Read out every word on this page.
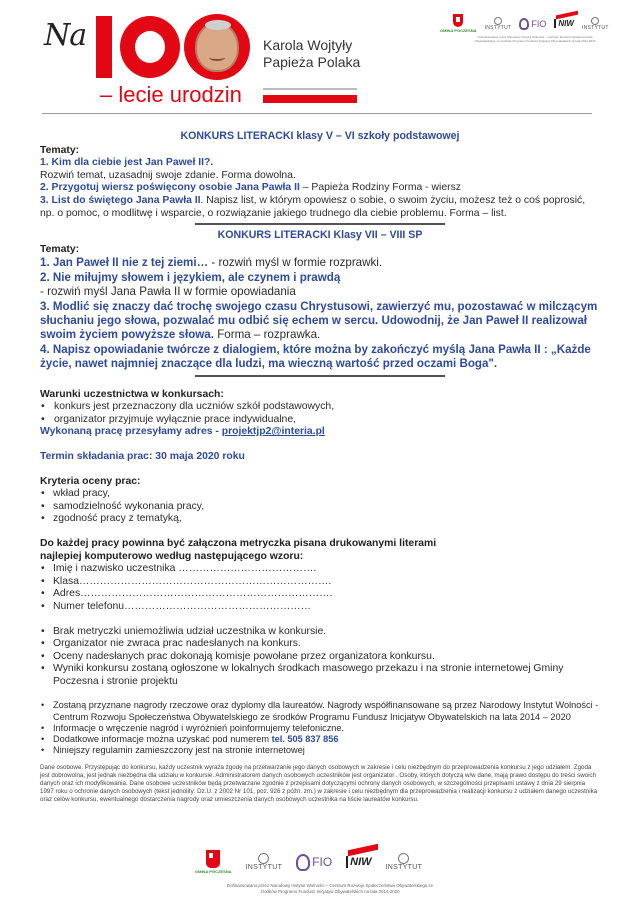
Na	Karola Wojtyły
Papieża Polaka
– lecie urodzin
GMINA POCZESNA INSTYTUT FIO	NIW INSTYTUT
Dofinansowano przez Narodowy Instytut Wolności – Centrum Rozwoju Społeczeństwa Obywatelskiego ze środków Programu Fundusz Inicjatyw Obywatelskich na lata 2014-2020
KONKURS LITERACKI klasy V – VI szkoły podstawowej
Tematy:
1. Kim dla ciebie jest Jan Paweł II?.
Rozwiń temat, uzasadnij swoje zdanie. Forma dowolna.
2. Przygotuj wiersz poświęcony osobie Jana Pawła II – Papieża Rodziny Forma - wiersz
3. List do świętego Jana Pawła II. Napisz list, w którym opowiesz o sobie, o swoim życiu, możesz też o coś poprosić, np. o pomoc, o modlitwę i wsparcie, o rozwiązanie jakiego trudnego dla ciebie problemu. Forma – list.
KONKURS LITERACKI Klasy VII – VIII SP
Tematy:
1. Jan Paweł II nie z tej ziemi… - rozwiń myśl w formie rozprawki.
2. Nie miłujmy słowem i językiem, ale czynem i prawdą
- rozwiń myśl Jana Pawła II w formie opowiadania
3. Modlić się znaczy dać trochę swojego czasu Chrystusowi, zawierzyć mu, pozostawać w milczącym słuchaniu jego słowa, pozwalać mu odbić się echem w sercu. Udowodnij, że Jan Paweł II realizował swoim życiem powyższe słowa. Forma – rozprawka.
4. Napisz opowiadanie twórcze z dialogiem, które można by zakończyć myślą Jana Pawła II : „Każde życie, nawet najmniej znaczące dla ludzi, ma wieczną wartość przed oczami Boga".
Warunki uczestnictwa w konkursach:
• konkurs jest przeznaczony dla uczniów szkół podstawowych,
• organizator przyjmuje wyłącznie prace indywidualne,
Wykonaną pracę przesyłamy adres - projektjp2@interia.pl
Termin składania prac: 30 maja 2020 roku
Kryteria oceny prac:
• wkład pracy,
• samodzielność wykonania pracy,
• zgodność pracy z tematyką,
Do każdej pracy powinna być załączona metryczka pisana drukowanymi literami
najlepiej komputerowo według następującego wzoru:
• Imię i nazwisko uczestnika ………………………………….
• Klasa……………………………………………………………….
• Adres……………………………………………………………….
• Numer telefonu………………………………………………
• Brak metryczki uniemożliwia udział uczestnika w konkursie.
• Organizator nie zwraca prac nadesłanych na konkurs.
• Oceny nadesłanych prac dokonają komisje powołane przez organizatora konkursu.
• Wyniki konkursu zostaną ogłoszone w lokalnych środkach masowego przekazu i na stronie internetowej Gminy Poczesna i stronie projektu
• Zostaną przyznane nagrody rzeczowe oraz dyplomy dla laureatów. Nagrody współfinansowane są przez Narodowy Instytut Wolności - Centrum Rozwoju Społeczeństwa Obywatelskiego ze środków Programu Fundusz Inicjatyw Obywatelskich na lata 2014 – 2020
• Informacje o wręczenie nagród i wyróżnień poinformujemy telefoniczne.
• Dodatkowe informacje można uzyskać pod numerem tel. 505 837 856
• Niniejszy regulamin zamieszczony jest na stronie internetowej
Dane osobowe. Przystępując do konkursu, każdy uczestnik wyraża zgodę na przetwarzanie jego danych osobowych w zakresie i celu niezbędnym do przeprowadzenia konkursu z jego udziałem. Zgoda jest dobrowolna, jest jednak niezbędna dla udziału w konkursie. Administratorem danych osobowych uczestników jest organizator . Osoby, których dotyczą w/w dane, mają prawo dostępu do treści swoich danych oraz ich modyfikowania. Dane osobowe uczestników będą przetwarzane zgodnie z przepisami dotyczącymi ochrony danych osobowych, w szczególności przepisami ustawy z dnia 29 sierpnia 1997 roku o ochronie danych osobowych (tekst jednolity: Dz.U. z 2002 Nr 101, poz. 926 z późn. zm.) w zakresie i celu niezbędnym dla przeprowadzenia i realizacji konkursu z udziałem danego uczestnika oraz celów konkursu, ewentualnego dostarczenia nagrody oraz umieszczenia danych osobowych uczestnika na liście laureatów konkursu.
GMINA POCZESNA
INSTYTUT	FIO	NIW INSTYTUT
Dofinansowano przez Narodowy Instytut Wolności – Centrum Rozwoju Społeczeństwa Obywatelskiego ze środków Programu Fundusz Inicjatyw Obywatelskich na lata 2014-2020
